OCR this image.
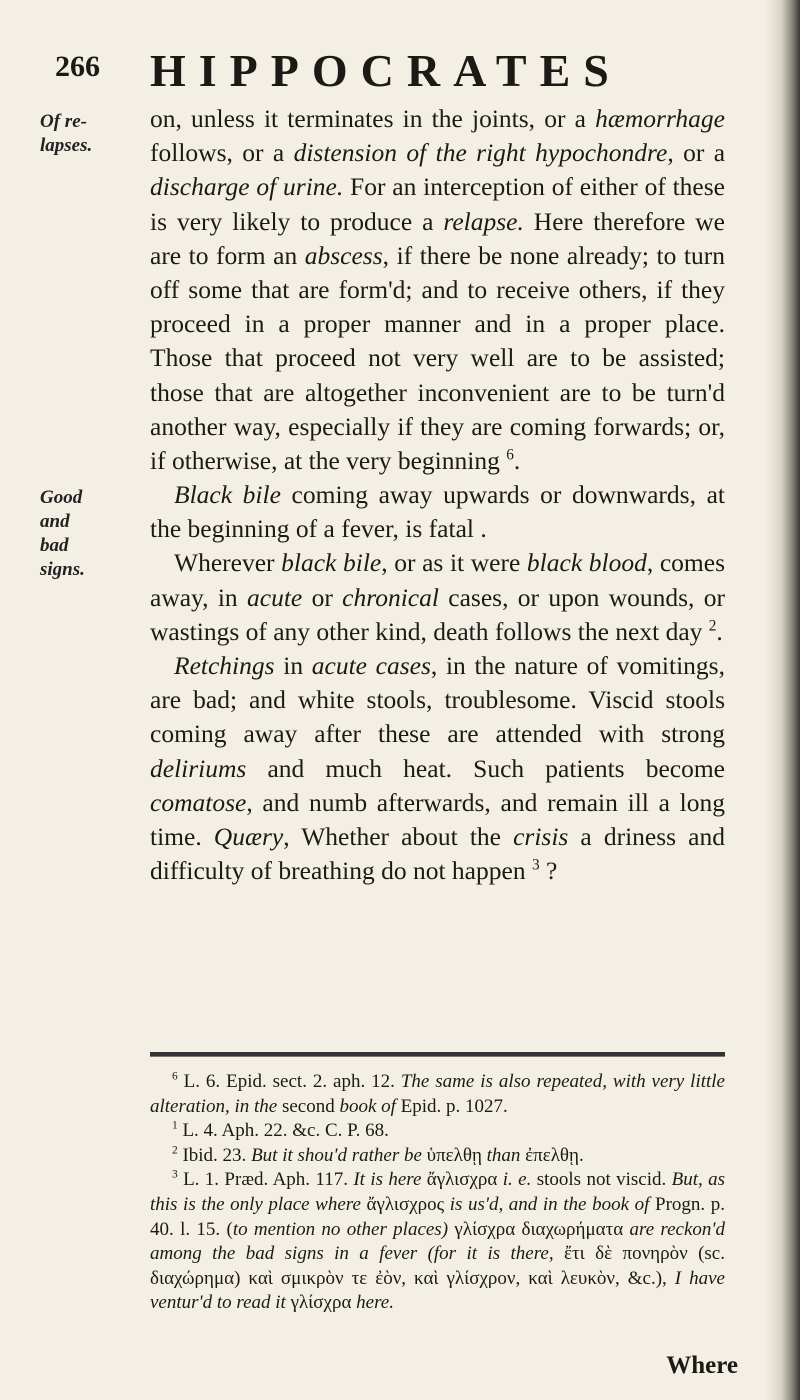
266 HIPPOCRATES
Of re-
lapses.
Good and
bad signs.

on, unless it terminates in the joints, or a hæmorrhage follows, or a distension of the right hypochondre, or a discharge of urine. For an interception of either of these is very likely to produce a relapse. Here therefore we are to form an abscess, if there be none already; to turn off some that are form'd; and to receive others, if they proceed in a proper manner and in a proper place. Those that proceed not very well are to be assisted; those that are altogether inconvenient are to be turn'd another way, especially if they are coming forwards; or, if otherwise, at the very beginning $^6$.

Black bile coming away upwards or downwards, at the beginning of a fever, is fatal .

Wherever black bile, or as it were black blood, comes away, in acute or chronical cases, or upon wounds, or wastings of any other kind, death follows the next day $^2$.

Retchings in acute cases, in the nature of vomitings, are bad; and white stools, troublesome. Viscid stools coming away after these are attended with strong deliriums and much heat. Such patients become comatose, and numb afterwards, and remain ill a long time. Quæry, Whether about the crisis a driness and difficulty of breathing do not happen $^3$ ?

$^6$ L. 6. Epid. sect. 2. aph. 12. The same is also repeated, with very little alteration, in the second book of Epid. p. 1027.

$^1$ L. 4. Aph. 22. &c. C. P. 68.

$^2$ Ibid. 23. But it shou'd rather be ὑπελθῃ than ἐπελθῃ.

$^3$ L. 1. Præd. Aph. 117. It is here ἄγλισχρα i. e. stools not viscid. But, as this is the only place where ἄγλισχρος is us'd, and in the book of Progn. p. 40. l. 15. (to mention no other places) γλίσχρα διαχωρήματα are reckon'd among the bad signs in a fever (for it is there, ἔτι δὲ πονηρὸν (sc. διαχώρημα) καὶ σμικρὸν τε ἐὸν, καὶ γλίσχρον, καὶ λευκὸν, &c.), I have ventur'd to read it γλίσχρα here.

Where
